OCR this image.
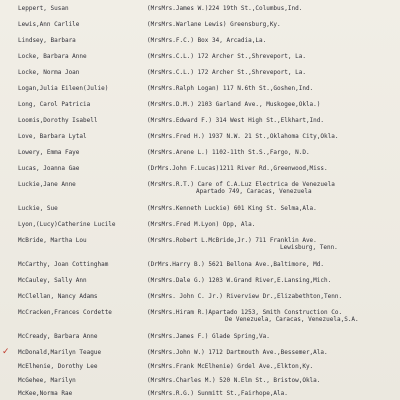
Leppert, Susan	(MrsMrs.James W.)224 19th St.,Columbus,Ind.
Lewis,Ann Carlile	(MrsMrs.Warlane Lewis) Greensburg,Ky.
Lindsey, Barbara	(MrsMrs.F.C.) Box 34, Arcadia,La.
Locke, Barbara Anne	(MrsMrs.C.L.) 172 Archer St.,Shreveport, La.
Locke, Norma Joan	(MrsMrs.C.L.) 172 Archer St.,Shreveport, La.
Logan,Julia Eileen(Julie)	(MrsMrs.Ralph Logan) 117 N.6th St.,Goshen,Ind.
Long, Carol Patricia	(MrsMrs.D.M.) 2103 Garland Ave., Muskogee,Okla.)
Loomis,Dorothy Isabell	(MrsMrs.Edward F.) 314 West High St.,Elkhart,Ind.
Love, Barbara Lytal	(MrsMrs.Fred H.) 1937 N.W. 21 St.,Oklahoma City,Okla.
Lowery, Emma Faye	(MrsMrs.Arene L.) 1102-11th St.S.,Fargo, N.D.
Lucas, Joanna Gae	(DrMrs.John F.Lucas)1211 River Rd.,Greenwood,Miss.
Luckie,Jane Anne	(MrsMrs.R.T.) Care of C.A.Luz Electrica de Venezuela
Apartado 749, Caracas, Venezuela
Luckie, Sue	(MrsMrs.Kenneth Luckie) 601 King St. Selma,Ala.
Lyon,(Lucy)Catherine Lucile	(MrsMrs.Fred M.Lyon) Opp, Ala.
McBride, Martha Lou	(MrsMrs.Robert L.McBride,Jr.) 711 Franklin Ave.
Lewisburg, Tenn.
McCarthy, Joan Cottingham	(DrMrs.Harry B.) 5621 Bellona Ave.,Baltimore, Md.
McCauley, Sally Ann	(MrsMrs.Dale G.) 1203 W.Grand River,E.Lansing,Mich.
McClellan, Nancy Adams	(MrsMrs. John C. Jr.) Riverview Dr.,Elizabethton,Tenn.
McCracken,Frances Cordette	(MrsMrs.Hiram R.)Apartado 1253, Smith Construction Co.
De Venezuela, Caracas, Venezuela,S.A.
McCready, Barbara Anne	(MrsMrs.James F.) Glade Spring,Va.
✓ McDonald,Marilyn Teague	(MrsMrs.John W.) 1712 Dartmouth Ave.,Bessemer,Ala.
McElhenie, Dorothy Lee	(MrsMrs.Frank McElhenie) Grdel Ave.,Elkton,Ky.
McGehee, Marilyn	(MrsMrs.Charles M.) 520 N.Elm St., Bristow,Okla.
McKee,Norma Rae	(MrsMrs.R.G.) Sunmitt St.,Fairhope,Ala.
